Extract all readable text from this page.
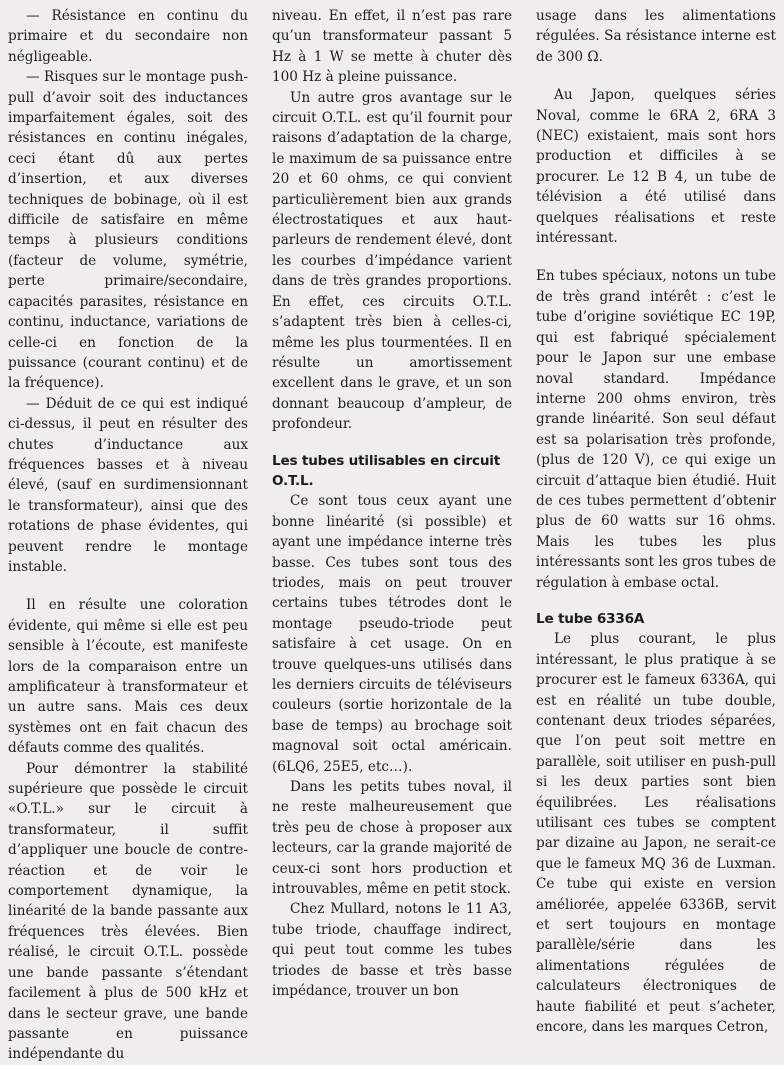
— Résistance en continu du primaire et du secondaire non négligeable.

— Risques sur le montage push-pull d’avoir soit des inductances imparfaitement égales, soit des résistances en continu inégales, ceci étant dû aux pertes d’insertion, et aux diverses techniques de bobinage, où il est difficile de satisfaire en même temps à plusieurs conditions (facteur de volume, symétrie, perte primaire/secondaire, capacités parasites, résistance en continu, inductance, variations de celle-ci en fonction de la puissance (courant continu) et de la fréquence).

— Déduit de ce qui est indiqué ci-dessus, il peut en résulter des chutes d’inductance aux fréquences basses et à niveau élevé, (sauf en surdimensionnant le transformateur), ainsi que des rotations de phase évidentes, qui peuvent rendre le montage instable.

Il en résulte une coloration évidente, qui même si elle est peu sensible à l’écoute, est manifeste lors de la comparaison entre un amplificateur à transformateur et un autre sans. Mais ces deux systèmes ont en fait chacun des défauts comme des qualités.

Pour démontrer la stabilité supérieure que possède le circuit «O.T.L.» sur le circuit à transformateur, il suffit d’appliquer une boucle de contre-réaction et de voir le comportement dynamique, la linéarité de la bande passante aux fréquences très élevées. Bien réalisé, le circuit O.T.L. possède une bande passante s’étendant facilement à plus de 500 kHz et dans le secteur grave, une bande passante en puissance indépendante du

niveau. En effet, il n’est pas rare qu’un transformateur passant 5 Hz à 1 W se mette à chuter dès 100 Hz à pleine puissance.

Un autre gros avantage sur le circuit O.T.L. est qu’il fournit pour raisons d’adaptation de la charge, le maximum de sa puissance entre 20 et 60 ohms, ce qui convient particulièrement bien aux grands électrostatiques et aux haut-parleurs de rendement élevé, dont les courbes d’impédance varient dans de très grandes proportions. En effet, ces circuits O.T.L. s’adaptent très bien à celles-ci, même les plus tourmentées. Il en résulte un amortissement excellent dans le grave, et un son donnant beaucoup d’ampleur, de profondeur.

Les tubes utilisables en circuit O.T.L.

Ce sont tous ceux ayant une bonne linéarité (si possible) et ayant une impédance interne très basse. Ces tubes sont tous des triodes, mais on peut trouver certains tubes tétrodes dont le montage pseudo-triode peut satisfaire à cet usage. On en trouve quelques-uns utilisés dans les derniers circuits de téléviseurs couleurs (sortie horizontale de la base de temps) au brochage soit magnoval soit octal américain. (6LQ6, 25E5, etc…).

Dans les petits tubes noval, il ne reste malheureusement que très peu de chose à proposer aux lecteurs, car la grande majorité de ceux-ci sont hors production et introuvables, même en petit stock.

Chez Mullard, notons le 11 A3, tube triode, chauffage indirect, qui peut tout comme les tubes triodes de basse et très basse impédance, trouver un bon

usage dans les alimentations régulées. Sa résistance interne est de 300 Ω.

Au Japon, quelques séries Noval, comme le 6RA 2, 6RA 3 (NEC) existaient, mais sont hors production et difficiles à se procurer. Le 12 B 4, un tube de télévision a été utilisé dans quelques réalisations et reste intéressant.

En tubes spéciaux, notons un tube de très grand intérêt : c’est le tube d’origine soviétique EC 19P, qui est fabriqué spécialement pour le Japon sur une embase noval standard. Impédance interne 200 ohms environ, très grande linéarité. Son seul défaut est sa polarisation très profonde, (plus de 120 V), ce qui exige un circuit d’attaque bien étudié. Huit de ces tubes permettent d’obtenir plus de 60 watts sur 16 ohms. Mais les tubes les plus intéressants sont les gros tubes de régulation à embase octal.

Le tube 6336A

Le plus courant, le plus intéressant, le plus pratique à se procurer est le fameux 6336A, qui est en réalité un tube double, contenant deux triodes séparées, que l’on peut soit mettre en parallèle, soit utiliser en push-pull si les deux parties sont bien équilibrées. Les réalisations utilisant ces tubes se comptent par dizaine au Japon, ne serait-ce que le fameux MQ 36 de Luxman. Ce tube qui existe en version améliorée, appelée 6336B, servit et sert toujours en montage parallèle/série dans les alimentations régulées de calculateurs électroniques de haute fiabilité et peut s’acheter, encore, dans les marques Cetron,
